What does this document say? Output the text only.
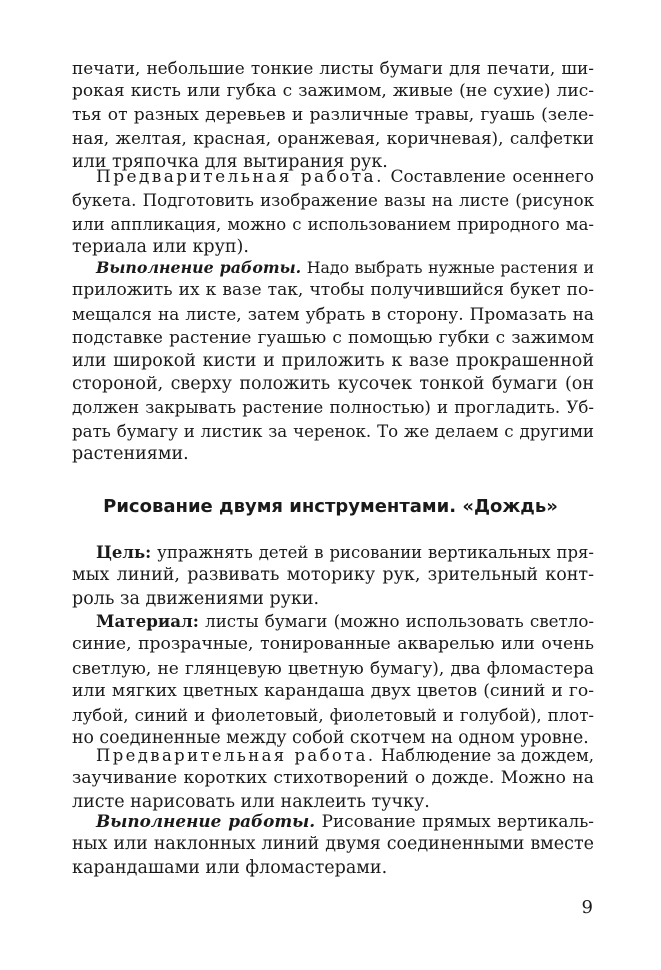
печати, небольшие тонкие листы бумаги для печати, ши-
рокая кисть или губка с зажимом, живые (не сухие) лис-
тья от разных деревьев и различные травы, гуашь (зеле-
ная, желтая, красная, оранжевая, коричневая), салфетки
или тряпочка для вытирания рук.
Предварительная работа. Составление осеннего
букета. Подготовить изображение вазы на листе (рисунок
или аппликация, можно с использованием природного ма-
териала или круп).
Выполнение работы. Надо выбрать нужные растения и
приложить их к вазе так, чтобы получившийся букет по-
мещался на листе, затем убрать в сторону. Промазать на
подставке растение гуашью с помощью губки с зажимом
или широкой кисти и приложить к вазе прокрашенной
стороной, сверху положить кусочек тонкой бумаги (он
должен закрывать растение полностью) и прогладить. Уб-
рать бумагу и листик за черенок. То же делаем с другими
растениями.
Рисование двумя инструментами. «Дождь»
Цель: упражнять детей в рисовании вертикальных пря-
мых линий, развивать моторику рук, зрительный конт-
роль за движениями руки.
Материал: листы бумаги (можно использовать светло-
синие, прозрачные, тонированные акварелью или очень
светлую, не глянцевую цветную бумагу), два фломастера
или мягких цветных карандаша двух цветов (синий и го-
лубой, синий и фиолетовый, фиолетовый и голубой), плот-
но соединенные между собой скотчем на одном уровне.
Предварительная работа. Наблюдение за дождем,
заучивание коротких стихотворений о дожде. Можно на
листе нарисовать или наклеить тучку.
Выполнение работы. Рисование прямых вертикаль-
ных или наклонных линий двумя соединенными вместе
карандашами или фломастерами.
9
